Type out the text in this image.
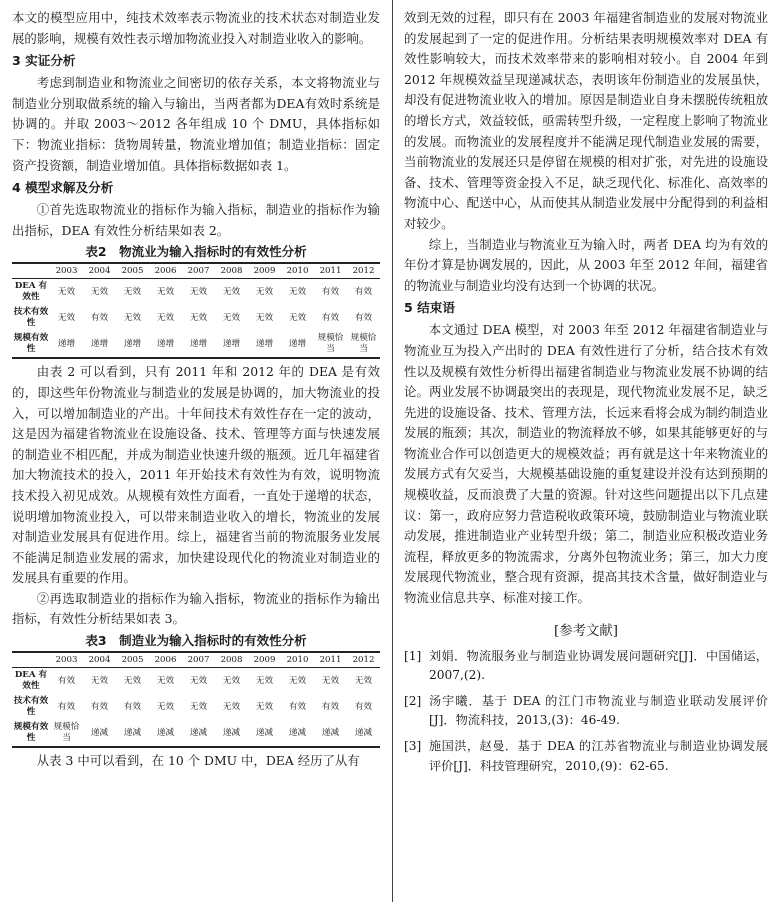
本文的模型应用中，纯技术效率表示物流业的技术状态对制造业发展的影响，规模有效性表示增加物流业投入对制造业收入的影响。

3 实证分析

考虑到制造业和物流业之间密切的依存关系，本文将物流业与制造业分别取做系统的输入与输出，当两者都为DEA有效时系统是协调的。并取 2003～2012 各年组成 10 个 DMU，具体指标如下：物流业指标：货物周转量，物流业增加值；制造业指标：固定资产投资额，制造业增加值。具体指标数据如表 1。

4 模型求解及分析

①首先选取物流业的指标作为输入指标，制造业的指标作为输出指标，DEA 有效性分析结果如表 2。

表2　物流业为输入指标时的有效性分析
	2003	2004	2005	2006	2007	2008	2009	2010	2011	2012
DEA 有效性	无效	无效	无效	无效	无效	无效	无效	无效	有效	有效
技术有效性	无效	有效	无效	无效	无效	无效	无效	无效	有效	有效
规模有效性	递增	递增	递增	递增	递增	递增	递增	递增	规模恰当	规模恰当

由表 2 可以看到，只有 2011 年和 2012 年的 DEA 是有效的，即这些年份物流业与制造业的发展是协调的，加大物流业的投入，可以增加制造业的产出。十年间技术有效性存在一定的波动，这是因为福建省物流业在设施设备、技术、管理等方面与快速发展的制造业不相匹配，并成为制造业快速升级的瓶颈。近几年福建省加大物流技术的投入，2011 年开始技术有效性为有效，说明物流技术投入初见成效。从规模有效性方面看，一直处于递增的状态，说明增加物流业投入，可以带来制造业收入的增长，物流业的发展对制造业发展具有促进作用。综上，福建省当前的物流服务业发展不能满足制造业发展的需求，加快建设现代化的物流业对制造业的发展具有重要的作用。

②再选取制造业的指标作为输入指标，物流业的指标作为输出指标，有效性分析结果如表 3。

表3　制造业为输入指标时的有效性分析
	2003	2004	2005	2006	2007	2008	2009	2010	2011	2012
DEA 有效性	有效	无效	无效	无效	无效	无效	无效	无效	无效	无效
技术有效性	有效	有效	有效	无效	无效	无效	无效	有效	有效	有效
规模有效性	规模恰当	递减	递减	递减	递减	递减	递减	递减	递减	递减

从表 3 中可以看到，在 10 个 DMU 中，DEA 经历了从有

效到无效的过程，即只有在 2003 年福建省制造业的发展对物流业的发展起到了一定的促进作用。分析结果表明规模效率对 DEA 有效性影响较大，而技术效率带来的影响相对较小。自 2004 年到 2012 年规模效益呈现递减状态，表明该年份制造业的发展虽快，却没有促进物流业收入的增加。原因是制造业自身未摆脱传统粗放的增长方式，效益较低，亟需转型升级，一定程度上影响了物流业的发展。而物流业的发展程度并不能满足现代制造业发展的需要，当前物流业的发展还只是停留在规模的相对扩张，对先进的设施设备、技术、管理等资金投入不足，缺乏现代化、标准化、高效率的物流中心、配送中心，从而使其从制造业发展中分配得到的利益相对较少。

综上，当制造业与物流业互为输入时，两者 DEA 均为有效的年份才算是协调发展的，因此，从 2003 年至 2012 年间，福建省的物流业与制造业均没有达到一个协调的状况。

5 结束语

本文通过 DEA 模型，对 2003 年至 2012 年福建省制造业与物流业互为投入产出时的 DEA 有效性进行了分析，结合技术有效性以及规模有效性分析得出福建省制造业与物流业发展不协调的结论。两业发展不协调最突出的表现是，现代物流业发展不足，缺乏先进的设施设备、技术、管理方法，长远来看将会成为制约制造业发展的瓶颈；其次，制造业的物流释放不够，如果其能够更好的与物流业合作可以创造更大的规模效益；再有就是这十年来物流业的发展方式有欠妥当，大规模基础设施的重复建设并没有达到预期的规模收益，反而浪费了大量的资源。针对这些问题提出以下几点建议：第一，政府应努力营造税收政策环境，鼓励制造业与物流业联动发展，推进制造业产业转型升级；第二，制造业应积极改造业务流程，释放更多的物流需求，分离外包物流业务；第三，加大力度发展现代物流业，整合现有资源，提高其技术含量，做好制造业与物流业信息共享、标准对接工作。

[参考文献]
[1] 刘娟．物流服务业与制造业协调发展问题研究[J]．中国储运，2007,(2).
[2] 汤宇曦．基于 DEA 的江门市物流业与制造业联动发展评价[J]．物流科技，2013,(3)：46-49.
[3] 施国洪，赵曼．基于 DEA 的江苏省物流业与制造业协调发展评价[J]．科技管理研究，2010,(9)：62-65.
